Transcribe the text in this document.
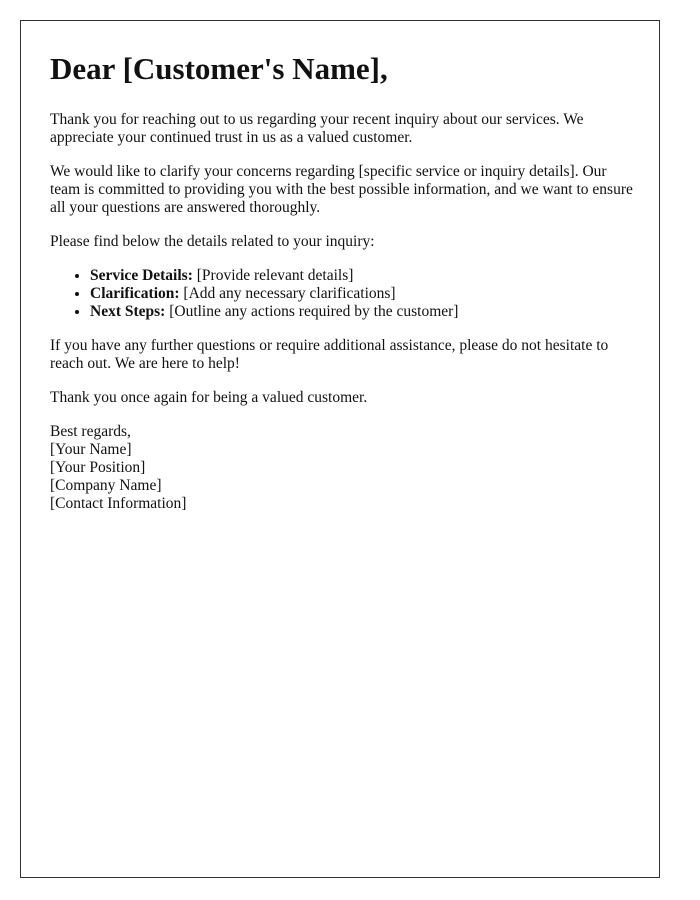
Dear [Customer's Name],

Thank you for reaching out to us regarding your recent inquiry about our services. We appreciate your continued trust in us as a valued customer.

We would like to clarify your concerns regarding [specific service or inquiry details]. Our team is committed to providing you with the best possible information, and we want to ensure all your questions are answered thoroughly.

Please find below the details related to your inquiry:

• Service Details: [Provide relevant details]
• Clarification: [Add any necessary clarifications]
• Next Steps: [Outline any actions required by the customer]

If you have any further questions or require additional assistance, please do not hesitate to reach out. We are here to help!

Thank you once again for being a valued customer.

Best regards,
[Your Name]
[Your Position]
[Company Name]
[Contact Information]
